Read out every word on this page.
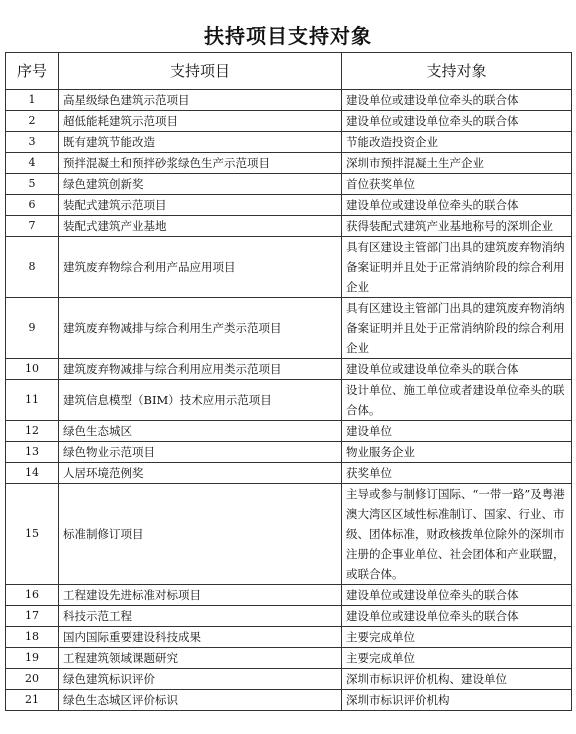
扶持项目支持对象
序号	支持项目	支持对象
1	高星级绿色建筑示范项目	建设单位或建设单位牵头的联合体
2	超低能耗建筑示范项目	建设单位或建设单位牵头的联合体
3	既有建筑节能改造	节能改造投资企业
4	预拌混凝土和预拌砂浆绿色生产示范项目	深圳市预拌混凝土生产企业
5	绿色建筑创新奖	首位获奖单位
6	装配式建筑示范项目	建设单位或建设单位牵头的联合体
7	装配式建筑产业基地	获得装配式建筑产业基地称号的深圳企业
8	建筑废弃物综合利用产品应用项目	具有区建设主管部门出具的建筑废弃物消纳备案证明并且处于正常消纳阶段的综合利用企业
9	建筑废弃物减排与综合利用生产类示范项目	具有区建设主管部门出具的建筑废弃物消纳备案证明并且处于正常消纳阶段的综合利用企业
10	建筑废弃物减排与综合利用应用类示范项目	建设单位或建设单位牵头的联合体
11	建筑信息模型（BIM）技术应用示范项目	设计单位、施工单位或者建设单位牵头的联合体。
12	绿色生态城区	建设单位
13	绿色物业示范项目	物业服务企业
14	人居环境范例奖	获奖单位
15	标准制修订项目	主导或参与制修订国际、“一带一路”及粤港澳大湾区区域性标准制订、国家、行业、市级、团体标准，财政核拨单位除外的深圳市注册的企事业单位、社会团体和产业联盟，或联合体。
16	工程建设先进标准对标项目	建设单位或建设单位牵头的联合体
17	科技示范工程	建设单位或建设单位牵头的联合体
18	国内国际重要建设科技成果	主要完成单位
19	工程建筑领域课题研究	主要完成单位
20	绿色建筑标识评价	深圳市标识评价机构、建设单位
21	绿色生态城区评价标识	深圳市标识评价机构
